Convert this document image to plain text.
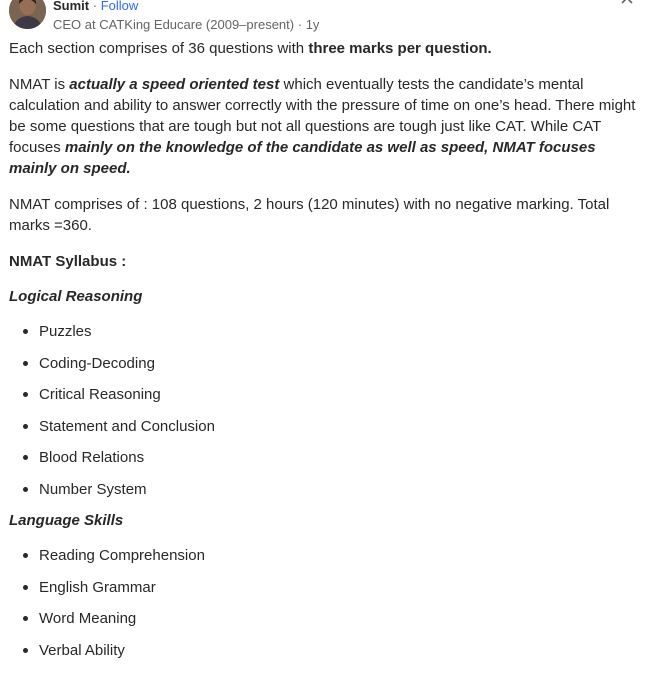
Sumit · Follow
CEO at CATKing Educare (2009–present) · 1y

Each section comprises of 36 questions with three marks per question.

NMAT is actually a speed oriented test which eventually tests the candidate’s mental calculation and ability to answer correctly with the pressure of time on one’s head. There might be some questions that are tough but not all questions are tough just like CAT. While CAT focuses mainly on the knowledge of the candidate as well as speed, NMAT focuses mainly on speed.

NMAT comprises of : 108 questions, 2 hours (120 minutes) with no negative marking. Total marks =360.

NMAT Syllabus :

Logical Reasoning

Puzzles
Coding-Decoding
Critical Reasoning
Statement and Conclusion
Blood Relations
Number System

Language Skills

Reading Comprehension
English Grammar
Word Meaning
Verbal Ability
